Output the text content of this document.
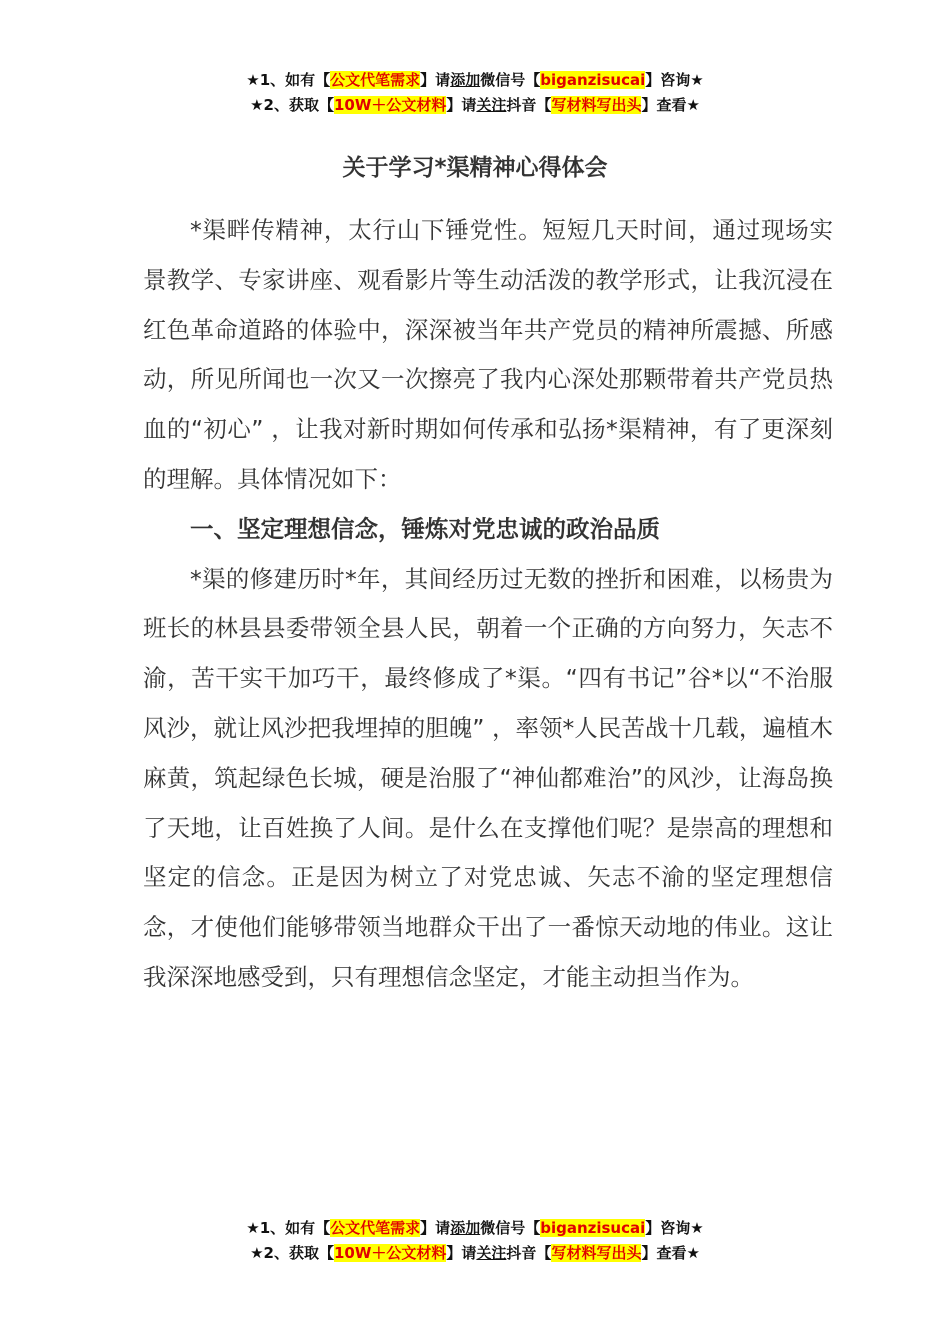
★1、如有【公文代笔需求】请添加微信号【biganzisucai】咨询★
★2、获取【10W＋公文材料】请关注抖音【写材料写出头】查看★
关于学习*渠精神心得体会

*渠畔传精神，太行山下锤党性。短短几天时间，通过现场实景教学、专家讲座、观看影片等生动活泼的教学形式，让我沉浸在红色革命道路的体验中，深深被当年共产党员的精神所震撼、所感动，所见所闻也一次又一次擦亮了我内心深处那颗带着共产党员热血的“初心” ，让我对新时期如何传承和弘扬*渠精神，有了更深刻的理解。具体情况如下：

一、坚定理想信念，锤炼对党忠诚的政治品质

*渠的修建历时*年，其间经历过无数的挫折和困难，以杨贵为班长的林县县委带领全县人民，朝着一个正确的方向努力，矢志不渝，苦干实干加巧干，最终修成了*渠。“四有书记”谷*以“不治服风沙，就让风沙把我埋掉的胆魄” ，率领*人民苦战十几载，遍植木麻黄，筑起绿色长城，硬是治服了“神仙都难治”的风沙，让海岛换了天地，让百姓换了人间。是什么在支撑他们呢？是崇高的理想和坚定的信念。正是因为树立了对党忠诚、矢志不渝的坚定理想信念，才使他们能够带领当地群众干出了一番惊天动地的伟业。这让我深深地感受到，只有理想信念坚定，才能主动担当作为。

★1、如有【公文代笔需求】请添加微信号【biganzisucai】咨询★
★2、获取【10W＋公文材料】请关注抖音【写材料写出头】查看★
